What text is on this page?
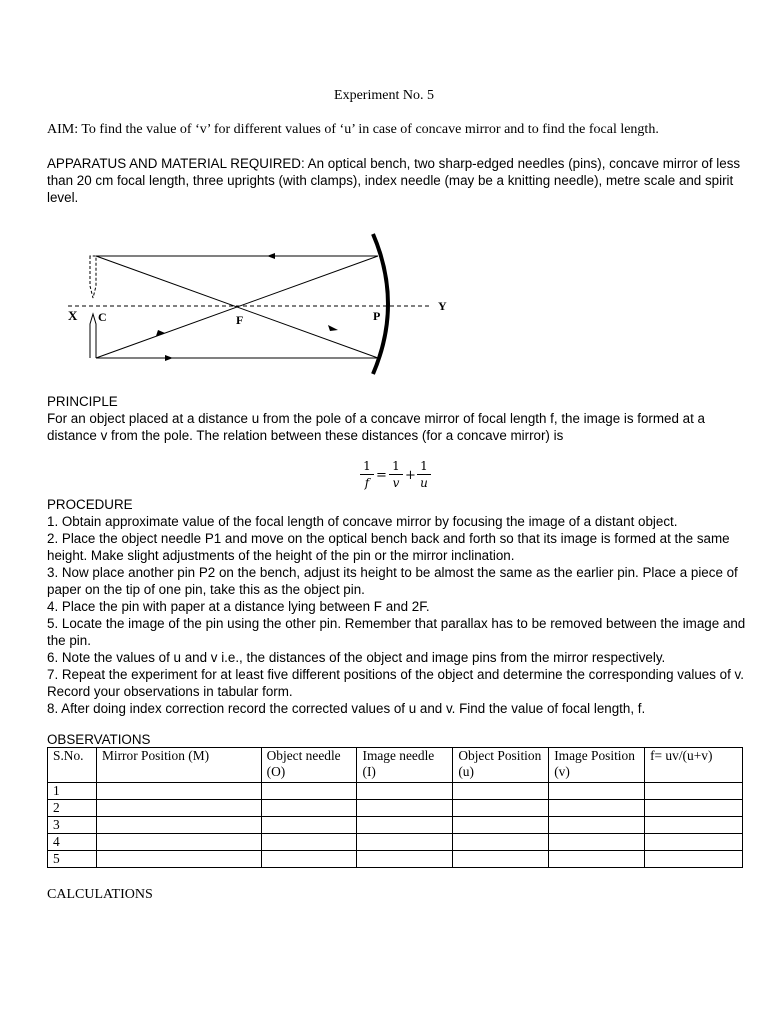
Experiment No. 5
AIM: To find the value of ‘v’ for different values of ‘u’ in case of concave mirror and to find the focal length.
APPARATUS AND MATERIAL REQUIRED: An optical bench, two sharp-edged needles (pins), concave mirror of less than 20 cm focal length, three uprights (with clamps), index needle (may be a knitting needle), metre scale and spirit level.
X C	F	P
Y
PRINCIPLE
For an object placed at a distance u from the pole of a concave mirror of focal length f, the image is formed at a distance v from the pole. The relation between these distances (for a concave mirror) is
$\frac{1}{f} = \frac{1}{v} + \frac{1}{u}$
PROCEDURE
1. Obtain approximate value of the focal length of concave mirror by focusing the image of a distant object.
2. Place the object needle P1 and move on the optical bench back and forth so that its image is formed at the same height. Make slight adjustments of the height of the pin or the mirror inclination.
3. Now place another pin P2 on the bench, adjust its height to be almost the same as the earlier pin. Place a piece of paper on the tip of one pin, take this as the object pin.
4. Place the pin with paper at a distance lying between F and 2F.
5. Locate the image of the pin using the other pin. Remember that parallax has to be removed between the image and the pin.
6. Note the values of u and v i.e., the distances of the object and image pins from the mirror respectively.
7. Repeat the experiment for at least five different positions of the object and determine the corresponding values of v. Record your observations in tabular form.
8. After doing index correction record the corrected values of u and v. Find the value of focal length, f.
OBSERVATIONS
S.No.	Mirror Position (M)	Object needle (O)	Image needle (I)	Object Position (u)	Image Position (v)	f= uv/(u+v)
1						
2						
3						
4						
5						
CALCULATIONS
